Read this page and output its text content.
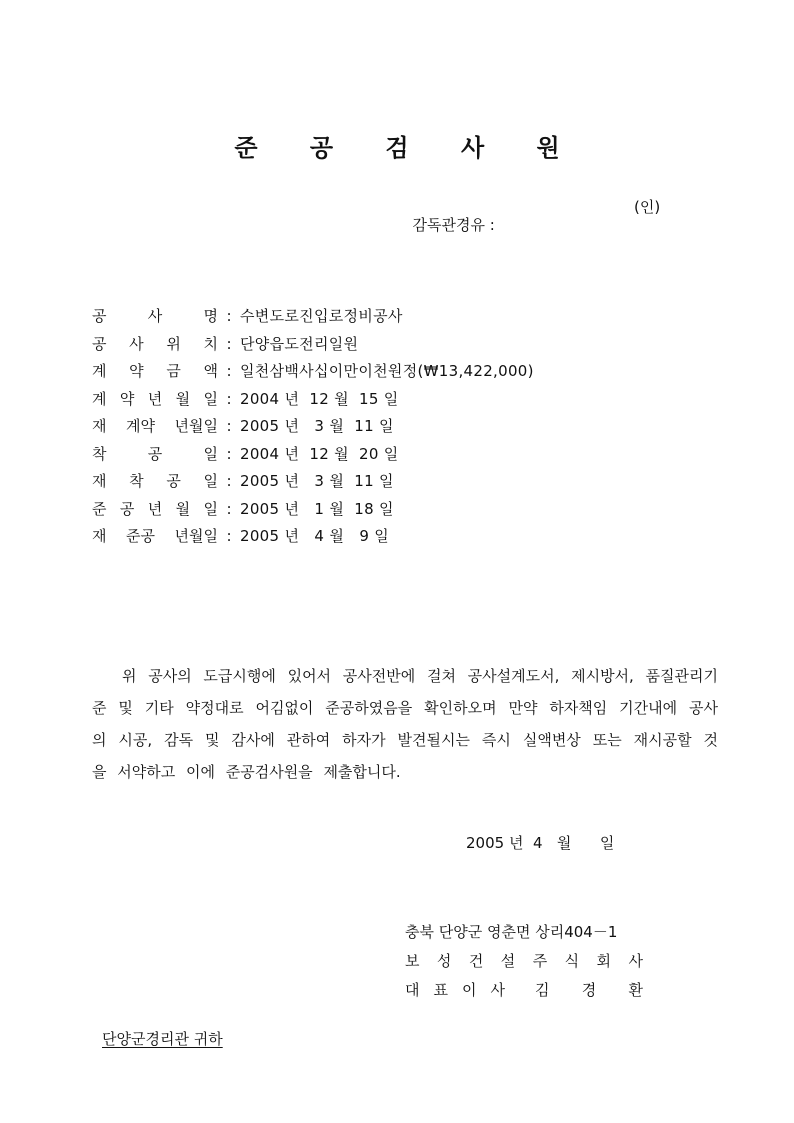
준 공 검 사 원

감독관경유 :

(인)

공	사	명 : 수변도로진입로정비공사
공 사 위 치 : 단양읍도전리일원
계 약 금 액 : 일천삼백사십이만이천원정(₩13,422,000)
계 약 년 월 일 : 2004 년  12 월  15 일
재 계약 년월일 : 2005 년   3 월  11 일
착	공	일 : 2004 년  12 월  20 일
재 착 공 일 : 2005 년   3 월  11 일
준 공 년 월 일 : 2005 년   1 월  18 일
재 준공 년월일 : 2005 년   4 월   9 일

위 공사의 도급시행에 있어서 공사전반에 걸쳐 공사설계도서, 제시방서, 품질관리기준 및 기타 약정대로 어김없이 준공하였음을 확인하오며 만약 하자책임 기간내에 공사의 시공, 감독 및 감사에 관하여 하자가 발견될시는 즉시 실액변상 또는 재시공할 것을 서약하고 이에 준공검사원을 제출합니다.

2005 년  4   월      일
충북 단양군 영춘면 상리404－1
보 성 건 설 주 식 회 사
대 표 이 사 김 경 환
단양군경리관 귀하
